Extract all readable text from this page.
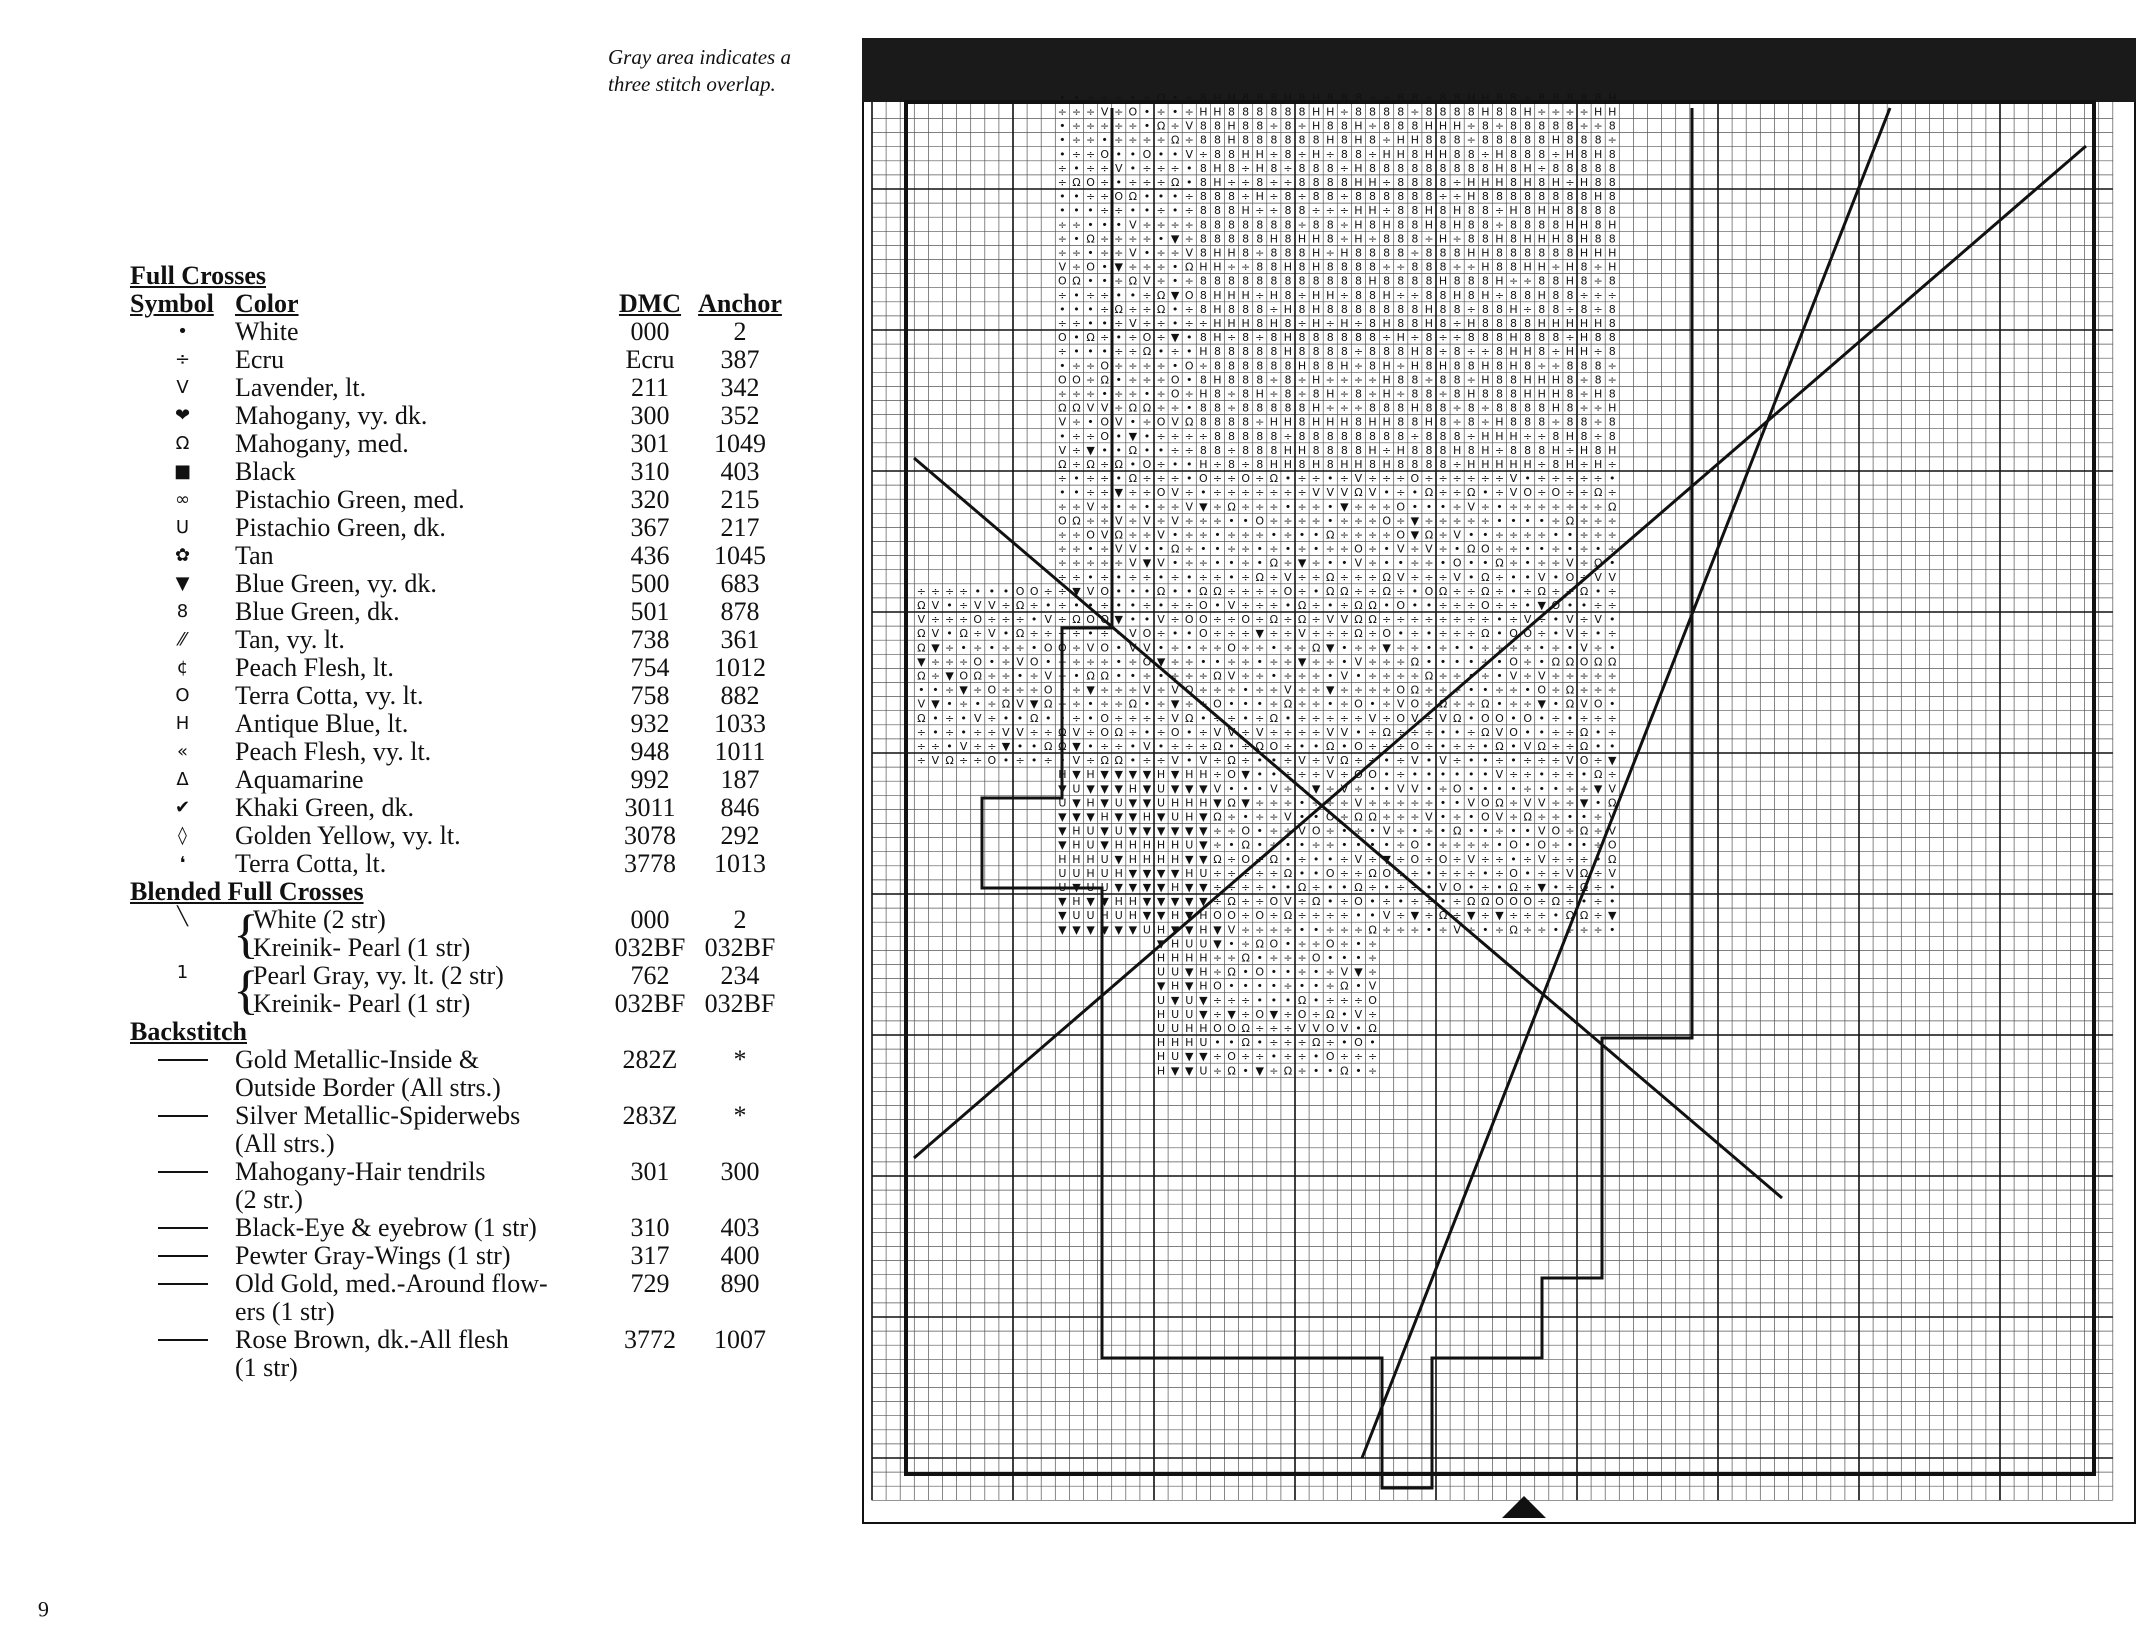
Gray area indicates a
three stitch overlap.
Full Crosses
Symbol Color	DMC Anchor
•	White	000	2
÷	Ecru	Ecru	387
V	Lavender, lt.	211	342
❤	Mahogany, vy. dk.	300	352
Ω	Mahogany, med.	301	1049
■	Black	310	403
∞	Pistachio Green, med.	320	215
U	Pistachio Green, dk.	367	217
✿	Tan	436	1045
▼	Blue Green, vy. dk.	500	683
8	Blue Green, dk.	501	878
⁄⁄	Tan, vy. lt.	738	361
¢	Peach Flesh, lt.	754	1012
O	Terra Cotta, vy. lt.	758	882
H	Antique Blue, lt.	932	1033
«	Peach Flesh, vy. lt.	948	1011
Δ	Aquamarine	992	187
✔	Khaki Green, dk.	3011	846
◊	Golden Yellow, vy. lt.	3078	292
❛	Terra Cotta, lt.	3778	1013
Blended Full Crosses
╲ {
White (2 str)	000	2
Kreinik- Pearl (1 str)	032BF 032BF
1 {
Pearl Gray, vy. lt. (2 str)	762	234
Kreinik- Pearl (1 str)	032BF 032BF
Backstitch
Gold Metallic-Inside &	282Z	*
Outside Border (All strs.)
Silver Metallic-Spiderwebs	283Z	*
(All strs.)
Mahogany-Hair tendrils	301	300
(2 str.)
Black-Eye & eyebrow (1 str)	310	403
Pewter Gray-Wings (1 str)	317	400
Old Gold, med.-Around flow-	729	890
ers (1 str)
Rose Brown, dk.-All flesh	3772	1007
(1 str)
• • ÷ ÷ ÷ • ÷ O • ÷ 8 H H 8 8 8 H 8 H 8 8 8 ÷ ÷ 8 8 ÷ 8 8 H H 8 8 ÷ 8 8 8 8 8 H
÷ ÷ ÷ V ÷ O • ÷ • ÷ H H 8 8 8 8 8 8 H H ÷ 8 8 8 8 ÷ 8 8 8 8 H 8 8 H ÷ ÷ ÷ ÷ H H
• ÷ ÷ ÷ ÷ ÷ • Ω ÷ V 8 8 H 8 8 ÷ 8 ÷ H 8 8 H ÷ 8 8 8 H H H ÷ 8 ÷ 8 8 8 8 8 ÷ ÷ 8
• ÷ ÷ • ÷ ÷ ÷ ÷ Ω ÷ 8 8 H 8 8 8 8 8 8 H 8 H 8 ÷ H H 8 8 8 ÷ 8 8 8 8 8 H 8 8 8 ÷
• ÷ ÷ O • • O • • V ÷ 8 8 H H ÷ 8 ÷ H ÷ 8 8 ÷ H H 8 H H 8 8 ÷ H 8 8 8 ÷ H 8 H 8
÷ • ÷ ÷ V • ÷ ÷ ÷ • 8 H 8 ÷ H 8 ÷ 8 8 8 ÷ H 8 8 8 8 8 8 8 8 8 H 8 H ÷ 8 8 8 8 8
÷ Ω O ÷ • ÷ ÷ ÷ Ω • 8 H ÷ ÷ 8 ÷ ÷ 8 8 8 8 H H ÷ 8 8 8 8 ÷ H H H 8 H 8 H ÷ H 8 8
• • ÷ ÷ O Ω • • • ÷ 8 8 8 ÷ H ÷ 8 ÷ 8 8 ÷ 8 8 8 8 8 8 ÷ ÷ H 8 8 8 8 8 8 8 8 H 8
• • • ÷ ÷ • • ÷ • ÷ 8 8 8 H ÷ ÷ 8 8 ÷ ÷ ÷ H H ÷ 8 8 H 8 H 8 8 ÷ H 8 H H 8 8 8 8
÷ ÷ • • • V ÷ ÷ ÷ ÷ 8 8 8 8 8 8 8 ÷ 8 8 ÷ H 8 H 8 8 H 8 H 8 8 ÷ 8 8 8 8 H H 8 H
÷ • Ω ÷ ÷ ÷ ÷ • ▼ ÷ 8 8 8 8 8 H 8 H H 8 ÷ H ÷ 8 8 8 ÷ H ÷ 8 8 H 8 H H H 8 H 8 8
÷ ÷ • ÷ ÷ V • ÷ ÷ V 8 H H 8 ÷ 8 8 8 H ÷ H 8 8 8 8 ÷ 8 8 8 H H 8 8 8 8 8 8 H H H
V ÷ O • ▼ ÷ ÷ ÷ • Ω H H ÷ ÷ 8 8 H 8 H 8 8 8 8 ÷ ÷ 8 8 8 ÷ ÷ H 8 8 H H ÷ H 8 ÷ H
O Ω • • ÷ Ω V ÷ • ÷ 8 8 8 8 8 8 8 8 8 8 8 8 H 8 8 8 8 H 8 8 8 H ÷ ÷ 8 8 H 8 ÷ 8
÷ • ÷ ÷ • • ÷ Ω ▼ O 8 H H H ÷ H 8 ÷ H H ÷ 8 8 H ÷ ÷ 8 8 H 8 H ÷ 8 8 H 8 8 ÷ ÷ ÷
• • • ÷ Ω ÷ ÷ Ω • ÷ 8 H 8 8 8 ÷ H 8 H 8 8 8 8 8 8 8 H 8 8 ÷ 8 8 H ÷ 8 8 ÷ 8 ÷ 8
÷ ÷ • • ÷ V ÷ ÷ • ÷ ÷ H H H 8 H 8 ÷ H ÷ H ÷ 8 H 8 8 H 8 ÷ H 8 8 8 8 H H H H H 8
O • Ω ÷ • ÷ O ÷ ▼ • 8 H ÷ 8 ÷ 8 H 8 8 8 8 8 8 ÷ H ÷ 8 ÷ ÷ 8 8 8 H 8 8 8 ÷ H 8 8
÷ • • • ÷ ÷ Ω • ÷ • H 8 8 8 8 8 H 8 8 8 8 ÷ 8 8 8 H 8 ÷ 8 ÷ ÷ 8 H H 8 ÷ H H ÷ 8
• ÷ ÷ O ÷ ÷ ÷ ÷ • O ÷ 8 8 8 8 8 8 H 8 8 H ÷ 8 H ÷ H 8 H 8 8 H 8 H 8 ÷ ÷ 8 8 8 ÷
O O ÷ Ω • ÷ ÷ ÷ O • 8 H 8 8 8 ÷ 8 ÷ H ÷ ÷ ÷ ÷ H 8 8 ÷ 8 8 ÷ H 8 8 H H H 8 ÷ 8 ÷
÷ ÷ ÷ • ÷ ÷ • ÷ O ÷ H 8 ÷ 8 H ÷ 8 ÷ 8 H ÷ 8 ÷ H ÷ 8 8 ÷ 8 H 8 8 8 H H H 8 ÷ H 8
Ω Ω V V ÷ Ω Ω ÷ ÷ • 8 8 ÷ 8 8 8 8 8 H ÷ ÷ ÷ 8 8 8 H 8 8 ÷ 8 ÷ 8 8 8 8 H 8 ÷ ÷ H
V ÷ • O V • ÷ O V Ω 8 8 8 8 ÷ H H 8 H H H 8 H H 8 8 H 8 ÷ 8 ÷ H 8 8 8 ÷ 8 8 ÷ 8
• ÷ ÷ O • ▼ • ÷ ÷ ÷ ÷ 8 8 8 8 8 ÷ 8 8 8 8 8 8 8 8 ÷ 8 8 8 ÷ H H H ÷ ÷ 8 H 8 ÷ 8
V ÷ ▼ • • Ω • • ÷ ÷ 8 8 ÷ 8 8 8 H H 8 8 8 8 H ÷ H 8 8 8 H 8 H ÷ 8 8 8 H ÷ H 8 H
Ω ÷ Ω ÷ Ω • O ÷ • • H ÷ 8 ÷ 8 H H 8 H 8 H H 8 H 8 8 8 8 ÷ H H H H H ÷ 8 H ÷ H ÷
÷ • ÷ ÷ • Ω ÷ ÷ ÷ • O ÷ ÷ O ÷ Ω • ÷ ÷ • ÷ V ÷ ÷ ÷ O ÷ ÷ ÷ ÷ ÷ ÷ V • ÷ ÷ ÷ ÷ ÷ •
• • ÷ ÷ ▼ ÷ ÷ O V ÷ • ÷ ÷ ÷ ÷ ÷ ÷ ÷ V V V Ω V • ÷ • Ω ÷ ÷ Ω • ÷ V O ÷ O ÷ ÷ Ω ÷
÷ ÷ V ÷ • ÷ • ÷ ÷ V ▼ ÷ Ω ÷ ÷ ÷ • ÷ ÷ • ▼ ÷ ÷ ÷ O • • • ÷ V ÷ • ÷ ÷ ÷ ÷ ÷ ÷ ÷ Ω
O Ω ÷ ÷ V ÷ V ÷ V ÷ ÷ ÷ • • O ÷ ÷ ÷ ÷ • ÷ ÷ ÷ O ÷ ▼ ÷ ÷ ÷ ÷ ÷ • • • • ÷ Ω ÷ ÷ ÷
÷ ÷ O V Ω ÷ ÷ V • ÷ ÷ • ÷ ÷ ÷ • ÷ • • Ω ÷ ÷ ÷ ÷ O ▼ Ω ÷ V • • ÷ ÷ ÷ ÷ • • ÷ ÷ ÷
÷ ÷ • ÷ V V • • Ω ÷ • • ÷ ÷ • ÷ • ÷ • ÷ ÷ O ÷ • V ÷ V ÷ • Ω O ÷ ÷ • • ÷ • ÷ • ÷
÷ ÷ ÷ ÷ ÷ V ▼ V • ÷ ÷ • • ÷ • Ω ÷ ▼ ÷ • • V ÷ • • ÷ ÷ • O • • Ω ÷ • ÷ ÷ V ÷ Ω •
÷ ÷ • ÷ • ÷ ÷ • ÷ • ÷ ÷ • ÷ Ω ÷ V ÷ ÷ Ω ÷ ÷ ÷ Ω V ÷ ÷ ÷ V • Ω ÷ • • V • O ÷ V V
÷ ÷ ÷ ÷ • • • O O ÷ ÷ ▼ V O • • • Ω • • Ω Ω ÷ ÷ ÷ ÷ O ÷ • Ω Ω ÷ ÷ Ω ÷ • O Ω ÷ ÷ Ω ÷ • ÷ Ω ÷ Ω • ÷
Ω V • ÷ V V ÷ Ω ÷ • ÷ • • ÷ • • ÷ • ÷ ÷ O • V ÷ ÷ ÷ • Ω ÷ • ÷ Ω Ω • O • • ÷ ÷ ÷ O ÷ ÷ • ▼ • • ÷ ÷
V ÷ ÷ ÷ O ÷ ÷ ÷ • V ÷ Ω O ▼ • • V ÷ O O ÷ ÷ O ÷ Ω ÷ Ω ÷ V V Ω Ω ÷ ÷ ÷ ÷ ÷ ÷ ÷ ÷ • ÷ V ÷ • V ÷ V •
Ω V • Ω ÷ V • Ω ÷ ÷ ÷ ÷ • ÷ V O ÷ • • O ÷ ÷ ÷ ▼ ÷ ÷ V ÷ ÷ ÷ Ω ÷ O • ÷ • ÷ ÷ ÷ Ω • O O ÷ • V ÷ • ÷
Ω ▼ ÷ • ÷ • ÷ ÷ • O O ÷ V O • V V • ÷ • ÷ ÷ O ÷ ÷ • ÷ ÷ Ω ▼ • ÷ ÷ ▼ ÷ ÷ • ÷ • • ÷ ÷ ÷ ÷ • ÷ • V ÷ •
▼ ÷ ÷ ÷ O • ÷ V O • ÷ ÷ ÷ ÷ • ÷ O ▼ ÷ ÷ • • ÷ ÷ • ÷ ÷ ▼ ÷ ÷ • V ÷ ÷ ÷ Ω • • • • ÷ • O ÷ • Ω Ω O Ω Ω
Ω ÷ ▼ O Ω ÷ ÷ • ÷ V ÷ • Ω Ω • • ÷ • ÷ ÷ ÷ Ω V ÷ ÷ • ÷ ÷ ÷ • V • ÷ ÷ ÷ ÷ Ω ÷ ÷ ÷ • V ÷ V ÷ ÷ ÷ ÷ ÷
• • ÷ ▼ ÷ O ÷ ÷ ÷ O • ÷ ▼ ÷ ÷ ÷ V ÷ V O ÷ ÷ ÷ • ÷ ÷ V ÷ ÷ ▼ ÷ ÷ ÷ ÷ O Ω ÷ ÷ • • ÷ ÷ • O ÷ Ω ÷ ÷ ÷
V ▼ • ÷ • ÷ Ω V ▼ Ω ÷ ÷ • ÷ ÷ Ω • ÷ ▼ ÷ O • • • ÷ Ω ÷ ÷ • ÷ O • ÷ V O ÷ Ω ÷ ÷ Ω • ÷ ÷ ▼ • Ω V O •
Ω • ÷ • V ÷ • • Ω • • ÷ • O ÷ ÷ ÷ ÷ V Ω • ÷ • ÷ Ω • ÷ ÷ ÷ ÷ ÷ V ÷ O V ÷ V Ω • O O • O • ÷ • ÷ ÷ ÷
÷ • ÷ • ÷ ÷ V V ÷ ÷ Ω V ÷ O Ω ÷ • ÷ O • ÷ V V ÷ V ÷ ÷ ÷ ÷ V V • ÷ Ω ÷ ÷ ÷ • • ÷ Ω V O • • ÷ ÷ Ω • ÷
÷ ÷ • V ÷ ÷ ▼ • • Ω Ω ▼ • ÷ ÷ • V • ÷ ÷ ÷ Ω • ÷ Ω O ÷ • • Ω • O ÷ ÷ ÷ O ÷ • ÷ ÷ • Ω • V Ω ÷ ÷ Ω • •
÷ V Ω ÷ ÷ O • ÷ • ÷ • V ÷ Ω Ω • ÷ ÷ V • V ÷ Ω ÷ • • ÷ V ÷ V Ω ÷ • ÷ V • V ÷ • • ÷ • ÷ ÷ ÷ V O ÷ ▼
H ▼ H ▼ ▼ ▼ ▼ H ▼ H H ÷ O ▼ • • ÷ ÷ ÷ V ÷ O • ÷ • • • • • • V ÷ ÷ • ÷ ÷ • Ω ÷
▼ U ▼ ▼ ▼ H ▼ U ▼ ▼ ▼ V • • • V ÷ ▼ ÷ V ÷ • • V V • ÷ O • • • • ÷ • • ÷ ÷ ▼ V
U ▼ H ▼ U ▼ ▼ U H H H ▼ Ω ▼ ÷ ÷ ÷ • ÷ ÷ ÷ V ÷ ÷ ÷ ÷ ÷ • • V O Ω ÷ V V ÷ ÷ ▼ • Ω
▼ ▼ ▼ H ▼ ▼ H ▼ U H ▼ Ω ÷ • ÷ ÷ V • • O ÷ Ω Ω ÷ ÷ ÷ V • ÷ • O V ÷ Ω ÷ ÷ • • ÷
▼ H U ▼ U ▼ ▼ ▼ ▼ ▼ ▼ ÷ ÷ O • ÷ ÷ V O ÷ • ÷ • V ÷ • ÷ • Ω • • ÷ • • V O ÷ Ω ÷ V
▼ H U ▼ H H H H H U ▼ ÷ • Ω • ÷ • • ÷ ÷ • • • • ÷ O • ÷ ÷ ÷ ÷ • O • O ÷ • • ÷ O
H H H U ▼ H H H H ▼ ▼ Ω ÷ O Ω • ÷ • • ÷ V ÷ ÷ O ÷ O ÷ V ÷ ÷ • ÷ V ÷ ÷ ÷ • Ω
U U H U H ▼ ▼ ▼ ▼ H U ÷ ÷ ÷ ÷ Ω • • O ÷ ÷ Ω O ÷ • ÷ ÷ ÷ • ÷ O • ÷ ÷ V Ω ÷ V
U ▼ U U ▼ ▼ ▼ ▼ H ▼ ▼ ÷ ÷ ÷ ÷ • • Ω ÷ • • Ω ÷ • ÷ ÷ • V O • ÷ • Ω ÷ ▼ • ÷ ÷ •
▼ H ▼ ▼ H H ▼ ▼ ▼ ▼ ▼ ÷ Ω ÷ ÷ O V ÷ Ω • ÷ O • ÷ • ÷ ÷ • ÷ Ω Ω O O O ÷ Ω ÷ • ÷ •
▼ U U H U H ▼ ▼ H ▼ H O O ÷ O ÷ Ω ÷ ÷ ÷ ÷ • • V ÷ ▼ ÷ Ω ÷ ▼ ÷ ▼ ÷ ÷ ÷ • Ω Ω ÷ ▼
▼ ▼ ▼ ▼ ▼ ▼ U H ▼ ▼ H ▼ V ÷ ÷ ÷ ÷ • • ÷ ÷ ÷ Ω ÷ ÷ ÷ • ÷ V ÷ • ÷ Ω ÷ ÷ • ÷ ÷ •
H U U ▼ • ÷ Ω O • ÷ ÷ O ÷ • ÷
H H H H ÷ ÷ Ω • ÷ ÷ ÷ O • • • ÷
U U ▼ H ÷ Ω • O • • ÷ • ÷ V ▼ ÷
▼ H ▼ H O • • • • ÷ • • ÷ Ω • V
U ▼ U ▼ ÷ ÷ ÷ • • • Ω • ÷ ÷ ÷ O
H U U ▼ ÷ ▼ ÷ O ▼ ÷ O ÷ Ω • V ÷
U U H H O O Ω ÷ ÷ ÷ V V O V • Ω
H H H U • • Ω • ÷ ÷ ÷ Ω ÷ • O •
H U ▼ ▼ ÷ O ÷ ÷ • ÷ ÷ • O ÷ ÷ ÷
H ▼ ▼ U ÷ Ω • ▼ ÷ Ω ÷ • • Ω • ÷
6
